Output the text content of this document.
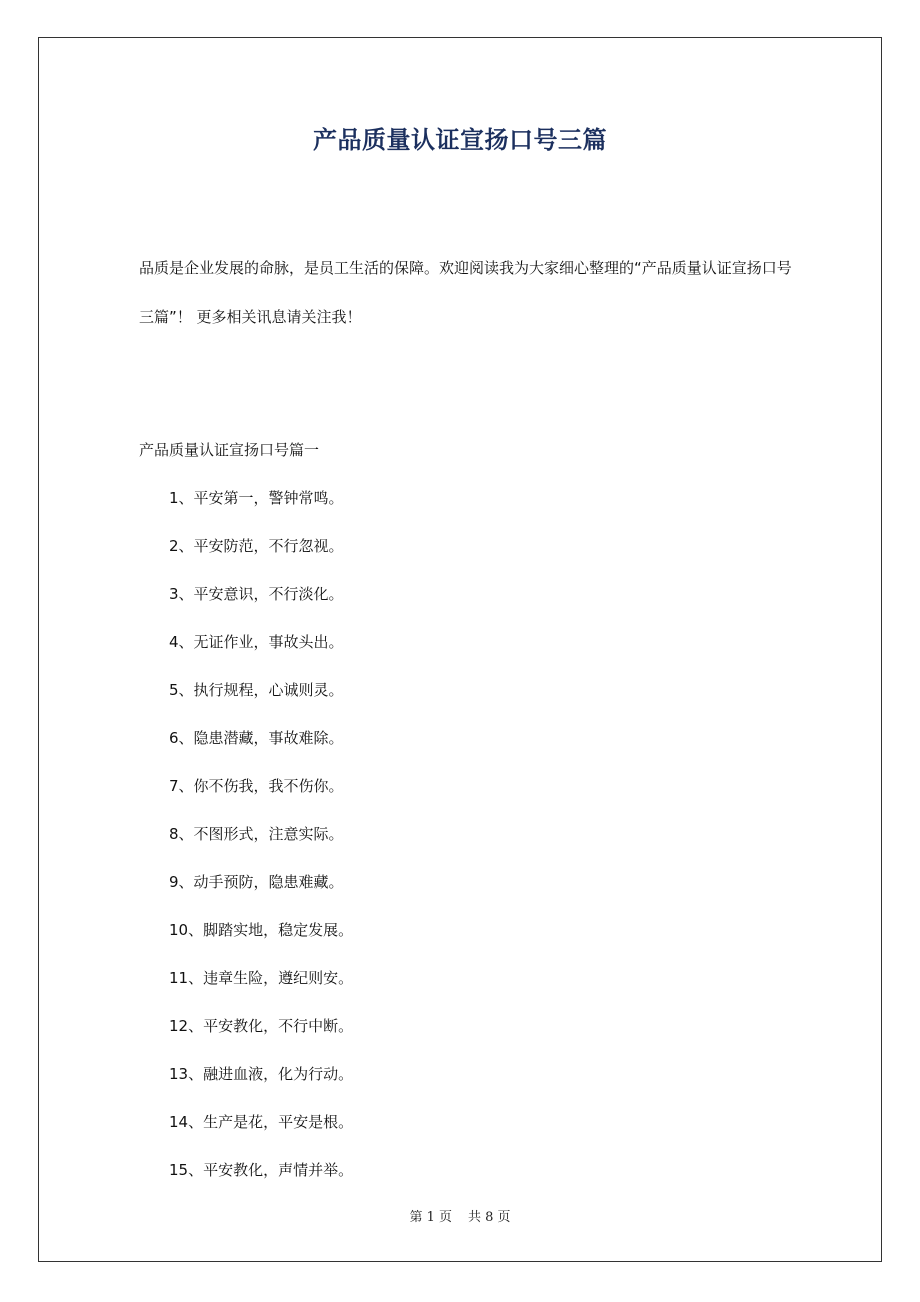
产品质量认证宣扬口号三篇
品质是企业发展的命脉，是员工生活的保障。欢迎阅读我为大家细心整理的“产品质量认证宣扬口号三篇”！ 更多相关讯息请关注我！
产品质量认证宣扬口号篇一
1、平安第一，警钟常鸣。
2、平安防范，不行忽视。
3、平安意识，不行淡化。
4、无证作业，事故头出。
5、执行规程，心诚则灵。
6、隐患潜藏，事故难除。
7、你不伤我，我不伤你。
8、不图形式，注意实际。
9、动手预防，隐患难藏。
10、脚踏实地，稳定发展。
11、违章生险，遵纪则安。
12、平安教化，不行中断。
13、融进血液，化为行动。
14、生产是花，平安是根。
15、平安教化，声情并举。
第 1 页 共 8 页
